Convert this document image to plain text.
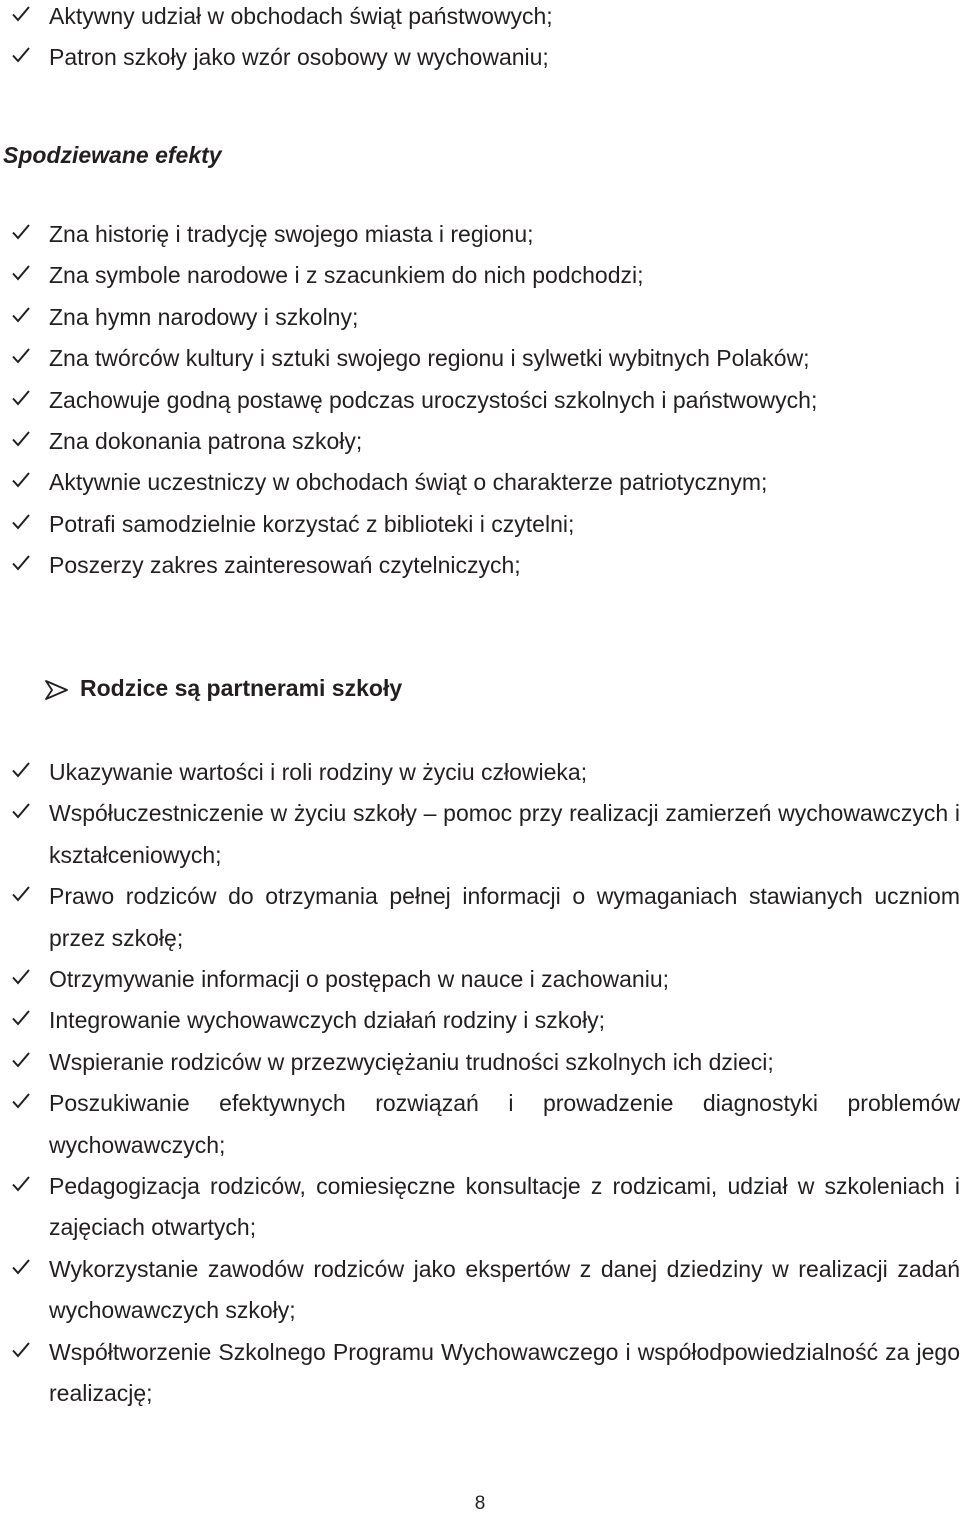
Aktywny udział w obchodach świąt państwowych;
Patron szkoły jako wzór osobowy w wychowaniu;
Spodziewane efekty
Zna historię i tradycję swojego miasta i regionu;
Zna symbole narodowe i z szacunkiem do nich podchodzi;
Zna hymn narodowy i szkolny;
Zna twórców kultury i sztuki swojego regionu i sylwetki wybitnych Polaków;
Zachowuje godną postawę podczas uroczystości szkolnych i państwowych;
Zna dokonania patrona szkoły;
Aktywnie uczestniczy w obchodach świąt o charakterze patriotycznym;
Potrafi samodzielnie korzystać z biblioteki i czytelni;
Poszerzy zakres zainteresowań czytelniczych;
Rodzice są partnerami szkoły
Ukazywanie wartości i roli rodziny w życiu człowieka;
Współuczestniczenie w życiu szkoły – pomoc przy realizacji zamierzeń wychowawczych i kształceniowych;
Prawo rodziców do otrzymania pełnej informacji o wymaganiach stawianych uczniom przez szkołę;
Otrzymywanie informacji o postępach w nauce i zachowaniu;
Integrowanie wychowawczych działań rodziny i szkoły;
Wspieranie rodziców w przezwyciężaniu trudności szkolnych ich dzieci;
Poszukiwanie efektywnych rozwiązań i prowadzenie diagnostyki problemów wychowawczych;
Pedagogizacja rodziców, comiesięczne konsultacje z rodzicami, udział w szkoleniach i zajęciach otwartych;
Wykorzystanie zawodów rodziców jako ekspertów z danej dziedziny w realizacji zadań wychowawczych szkoły;
Współtworzenie Szkolnego Programu Wychowawczego i współodpowiedzialność za jego realizację;
8
